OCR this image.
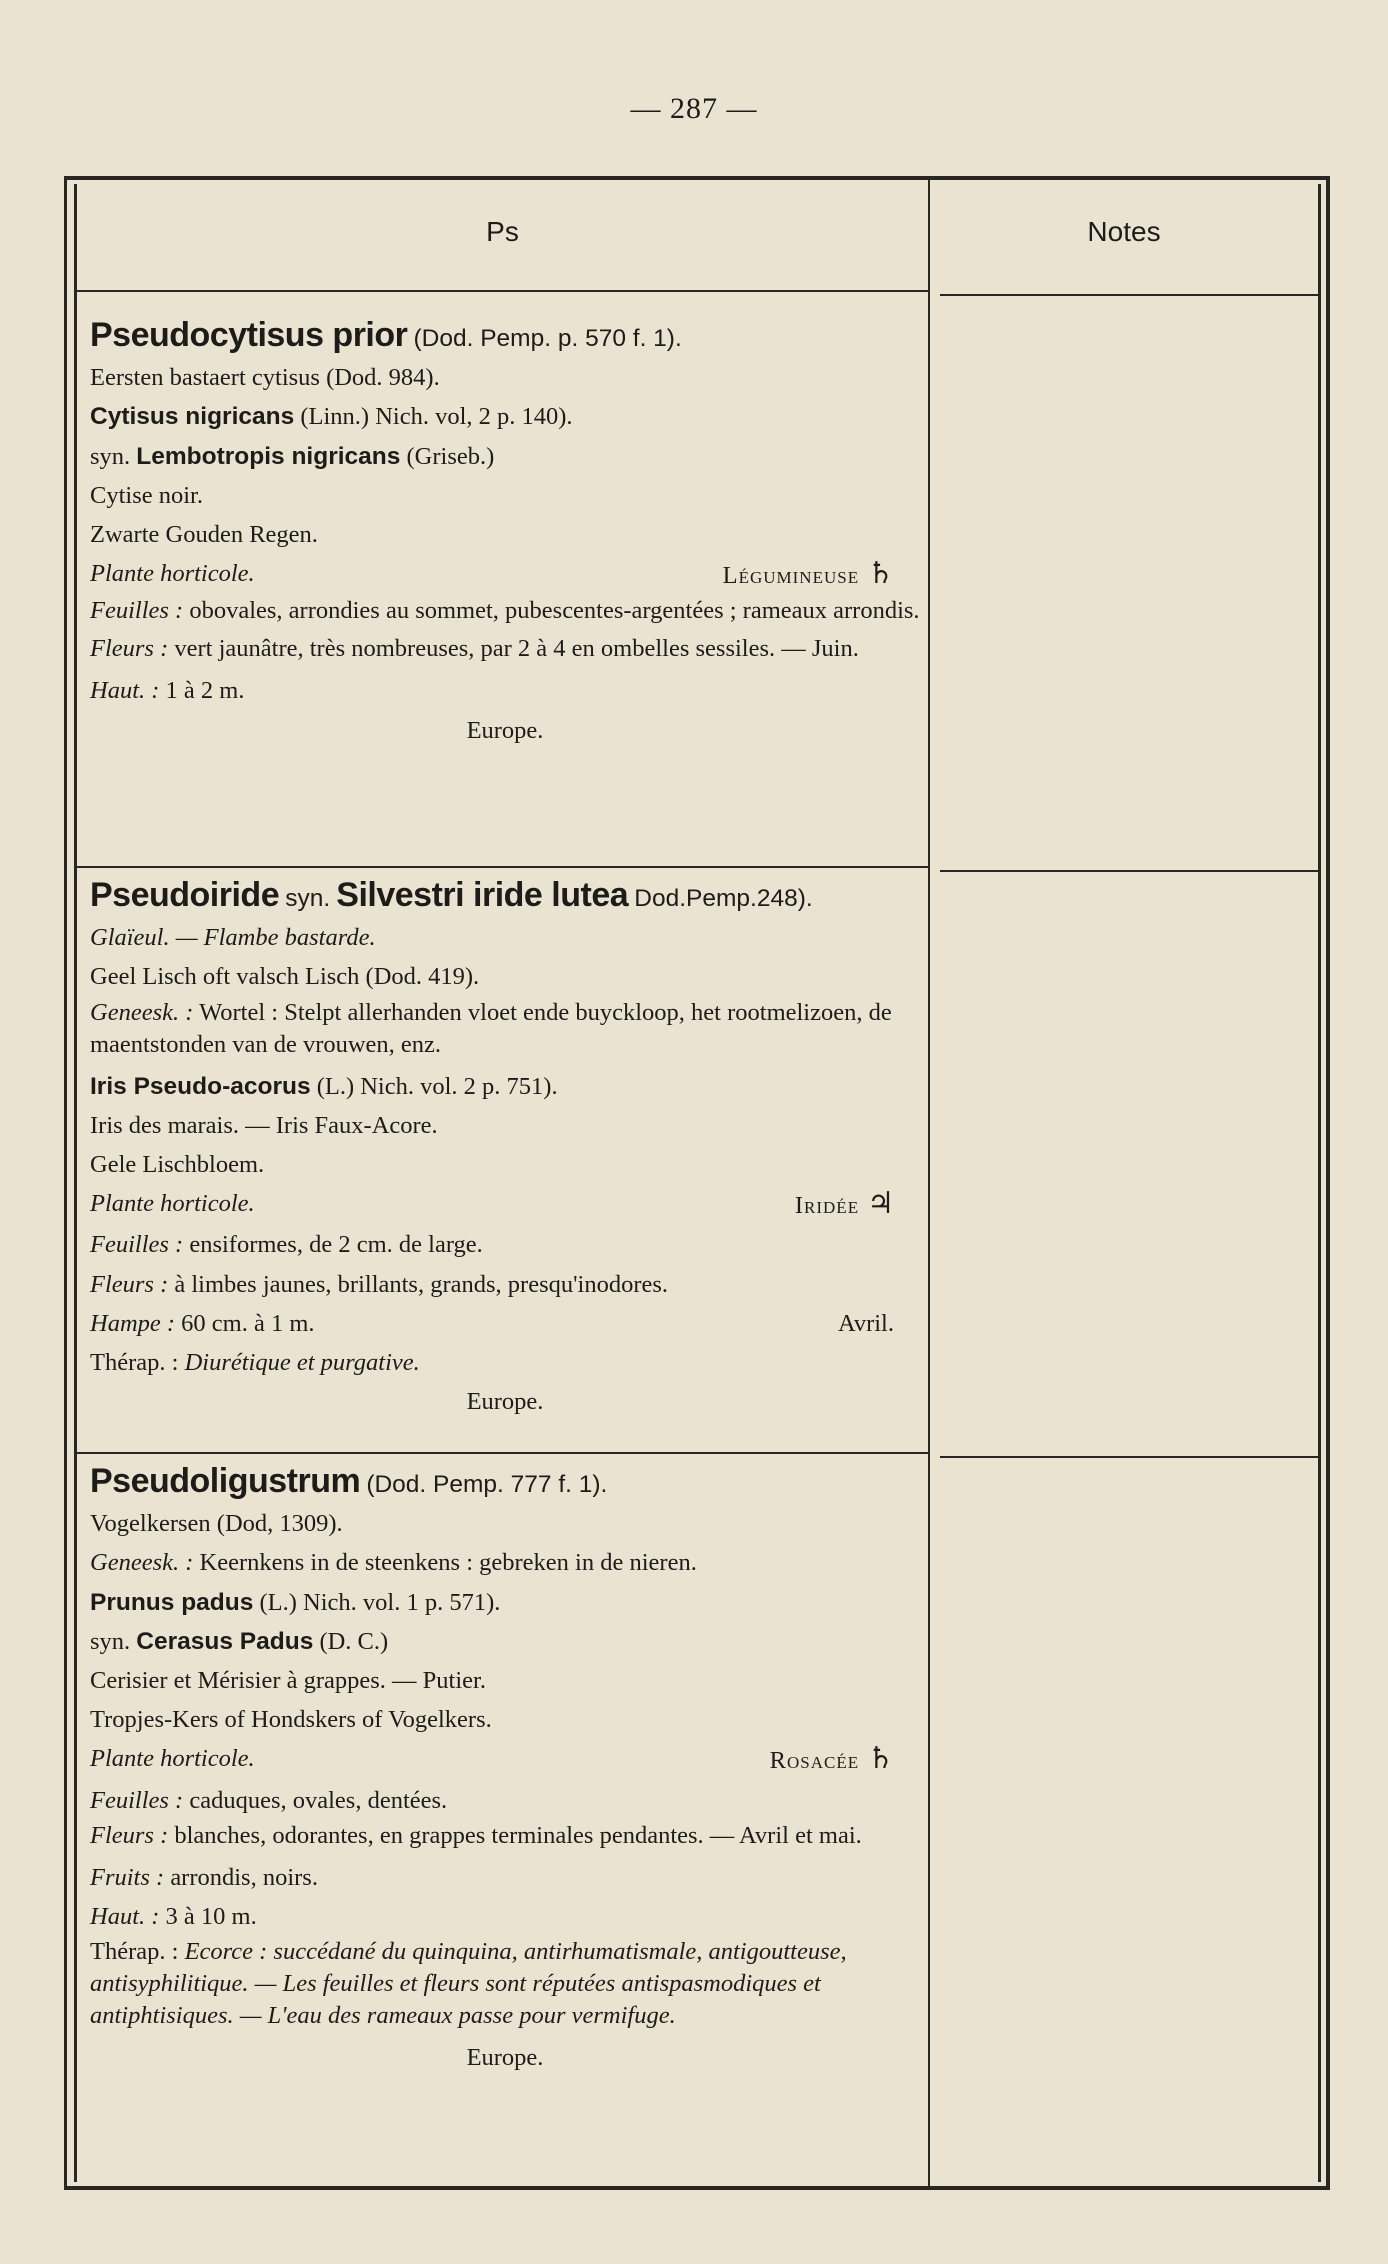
— 287 —
Ps	Notes
Pseudocytisus prior (Dod. Pemp. p. 570 f. 1).
Eersten bastaert cytisus (Dod. 984).
Cytisus nigricans (Linn.) Nich. vol, 2 p. 140).
syn. Lembotropis nigricans (Griseb.)
Cytise noir.
Zwarte Gouden Regen.
Plante horticole.	Légumineuse ♄
Feuilles : obovales, arrondies au sommet, pubescentes-argentées ; rameaux arrondis.
Fleurs : vert jaunâtre, très nombreuses, par 2 à 4 en ombelles sessiles. — Juin.
Haut. : 1 à 2 m.
Europe.
Pseudoiride syn. Silvestri iride lutea Dod.Pemp.248).
Glaïeul. — Flambe bastarde.
Geel Lisch oft valsch Lisch (Dod. 419).
Geneesk. : Wortel : Stelpt allerhanden vloet ende buyckloop, het rootmelizoen, de maentstonden van de vrouwen, enz.
Iris Pseudo-acorus (L.) Nich. vol. 2 p. 751).
Iris des marais. — Iris Faux-Acore.
Gele Lischbloem.
Plante horticole.	Iridée ♃
Feuilles : ensiformes, de 2 cm. de large.
Fleurs : à limbes jaunes, brillants, grands, presqu'inodores.
Hampe : 60 cm. à 1 m.	Avril.
Thérap. : Diurétique et purgative.
Europe.
Pseudoligustrum (Dod. Pemp. 777 f. 1).
Vogelkersen (Dod, 1309).
Geneesk. : Keernkens in de steenkens : gebreken in de nieren.
Prunus padus (L.) Nich. vol. 1 p. 571).
syn. Cerasus Padus (D. C.)
Cerisier et Mérisier à grappes. — Putier.
Tropjes-Kers of Hondskers of Vogelkers.
Plante horticole.	Rosacée ♄
Feuilles : caduques, ovales, dentées.
Fleurs : blanches, odorantes, en grappes terminales pendantes. — Avril et mai.
Fruits : arrondis, noirs.
Haut. : 3 à 10 m.
Thérap. : Ecorce : succédané du quinquina, antirhumatismale, antigoutteuse, antisyphilitique. — Les feuilles et fleurs sont réputées antispasmodiques et antiphtisiques. — L'eau des rameaux passe pour vermifuge.
Europe.
